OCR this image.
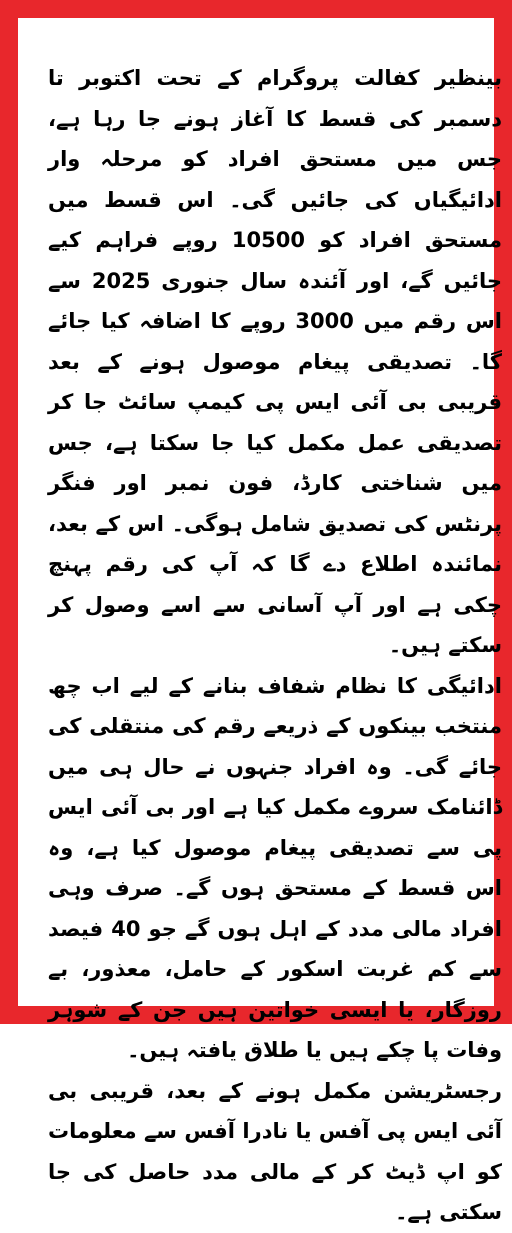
بینظیر کفالت پروگرام کے تحت اکتوبر تا دسمبر کی قسط کا آغاز ہونے جا رہا ہے، جس میں مستحق افراد کو مرحلہ وار ادائیگیاں کی جائیں گی۔ اس قسط میں مستحق افراد کو 10500 روپے فراہم کیے جائیں گے، اور آئندہ سال جنوری 2025 سے اس رقم میں 3000 روپے کا اضافہ کیا جائے گا۔ تصدیقی پیغام موصول ہونے کے بعد قریبی بی آئی ایس پی کیمپ سائٹ جا کر تصدیقی عمل مکمل کیا جا سکتا ہے، جس میں شناختی کارڈ، فون نمبر اور فنگر پرنٹس کی تصدیق شامل ہوگی۔ اس کے بعد، نمائندہ اطلاع دے گا کہ آپ کی رقم پہنچ چکی ہے اور آپ آسانی سے اسے وصول کر سکتے ہیں۔

ادائیگی کا نظام شفاف بنانے کے لیے اب چھ منتخب بینکوں کے ذریعے رقم کی منتقلی کی جائے گی۔ وہ افراد جنہوں نے حال ہی میں ڈائنامک سروے مکمل کیا ہے اور بی آئی ایس پی سے تصدیقی پیغام موصول کیا ہے، وہ اس قسط کے مستحق ہوں گے۔ صرف وہی افراد مالی مدد کے اہل ہوں گے جو 40 فیصد سے کم غربت اسکور کے حامل، معذور، بے روزگار، یا ایسی خواتین ہیں جن کے شوہر وفات پا چکے ہیں یا طلاق یافتہ ہیں۔

رجسٹریشن مکمل ہونے کے بعد، قریبی بی آئی ایس پی آفس یا نادرا آفس سے معلومات کو اپ ڈیٹ کر کے مالی مدد حاصل کی جا سکتی ہے۔
